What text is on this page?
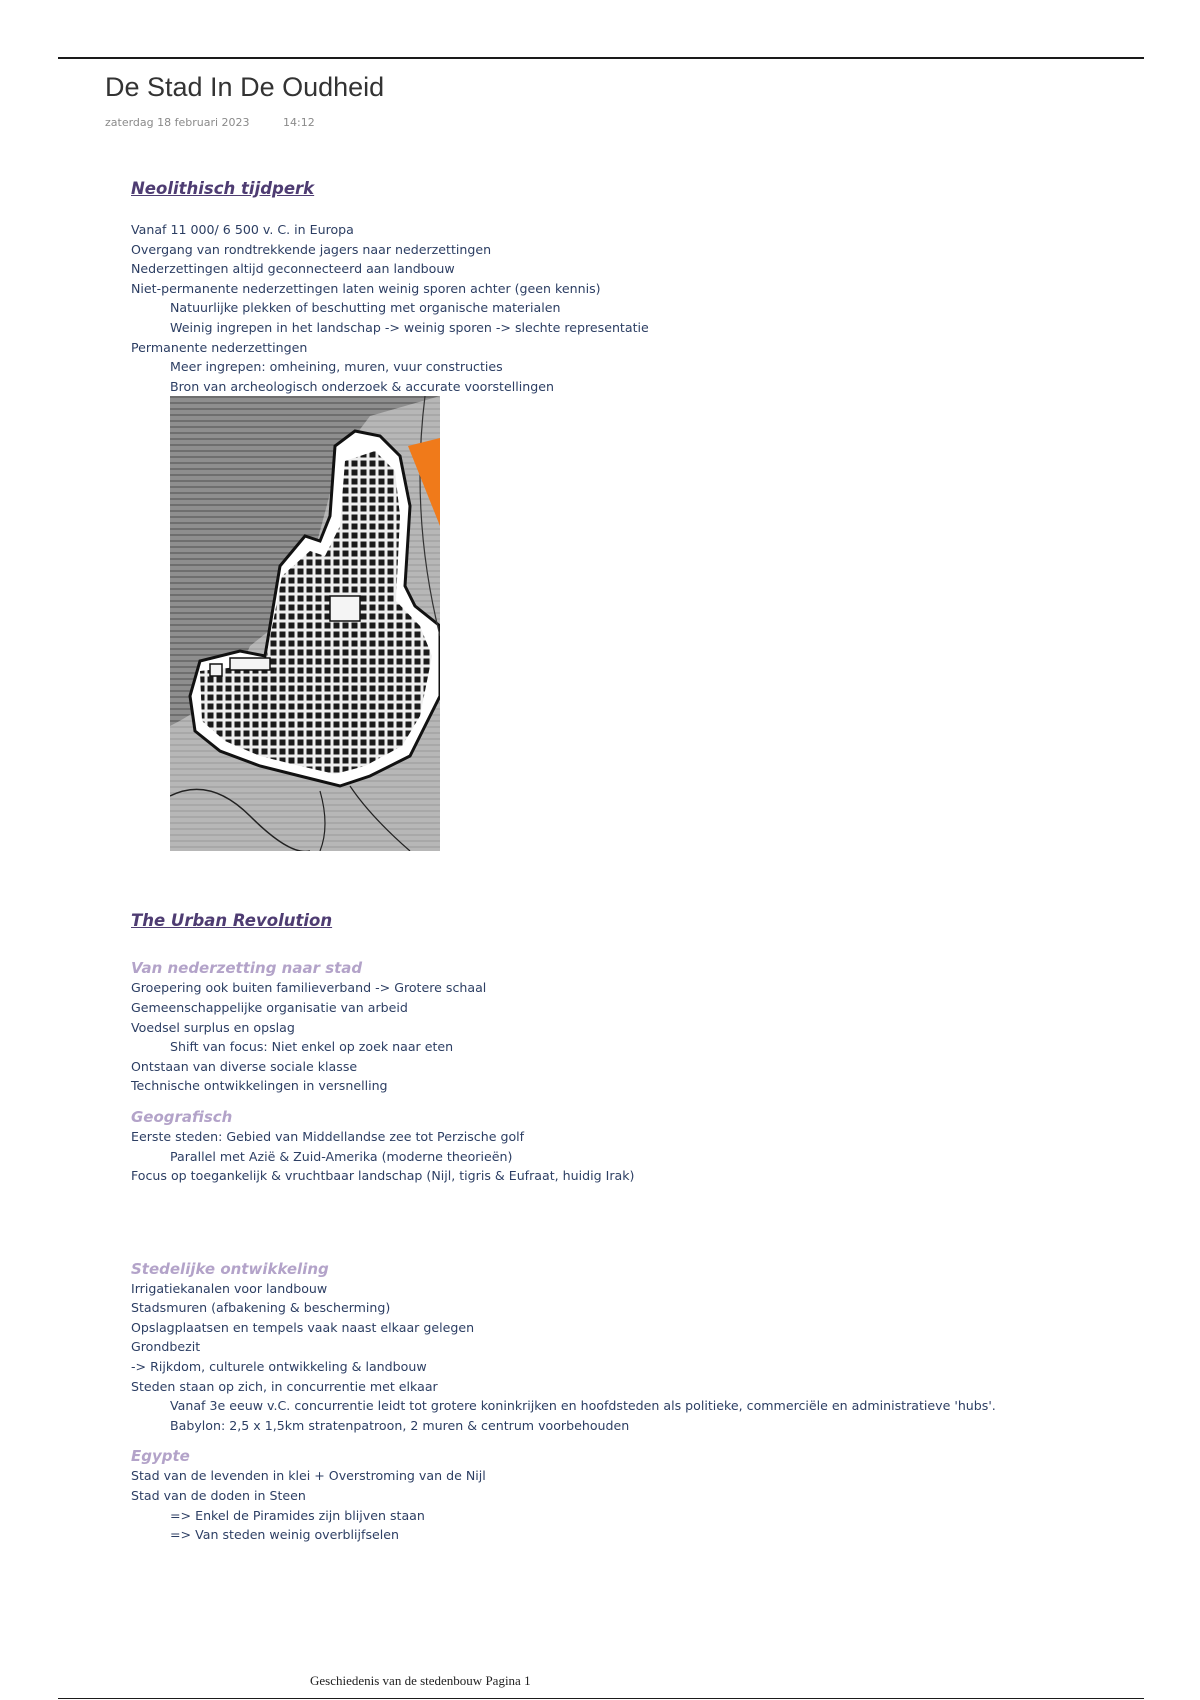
De Stad In De Oudheid
zaterdag 18 februari 2023	14:12
Neolithisch tijdperk
Vanaf 11 000/ 6 500 v. C. in Europa
Overgang van rondtrekkende jagers naar nederzettingen
Nederzettingen altijd geconnecteerd aan landbouw
Niet-permanente nederzettingen laten weinig sporen achter (geen kennis)
Natuurlijke plekken of beschutting met organische materialen
Weinig ingrepen in het landschap -> weinig sporen -> slechte representatie
Permanente nederzettingen
Meer ingrepen: omheining, muren, vuur constructies
Bron van archeologisch onderzoek & accurate voorstellingen
The Urban Revolution
Van nederzetting naar stad
Groepering ook buiten familieverband -> Grotere schaal
Gemeenschappelijke organisatie van arbeid
Voedsel surplus en opslag
Shift van focus: Niet enkel op zoek naar eten
Ontstaan van diverse sociale klasse
Technische ontwikkelingen in versnelling
Geografisch
Eerste steden: Gebied van Middellandse zee tot Perzische golf
Parallel met Azië & Zuid-Amerika (moderne theorieën)
Focus op toegankelijk & vruchtbaar landschap (Nijl, tigris & Eufraat, huidig Irak)
Stedelijke ontwikkeling
Irrigatiekanalen voor landbouw
Stadsmuren (afbakening & bescherming)
Opslagplaatsen en tempels vaak naast elkaar gelegen
Grondbezit
-> Rijkdom, culturele ontwikkeling & landbouw
Steden staan op zich, in concurrentie met elkaar
Vanaf 3e eeuw v.C. concurrentie leidt tot grotere koninkrijken en hoofdsteden als politieke, commerciële en administratieve 'hubs'.
Babylon: 2,5 x 1,5km stratenpatroon, 2 muren & centrum voorbehouden
Egypte
Stad van de levenden in klei + Overstroming van de Nijl
Stad van de doden in Steen
=> Enkel de Piramides zijn blijven staan
=> Van steden weinig overblijfselen
Geschiedenis van de stedenbouw Pagina 1
